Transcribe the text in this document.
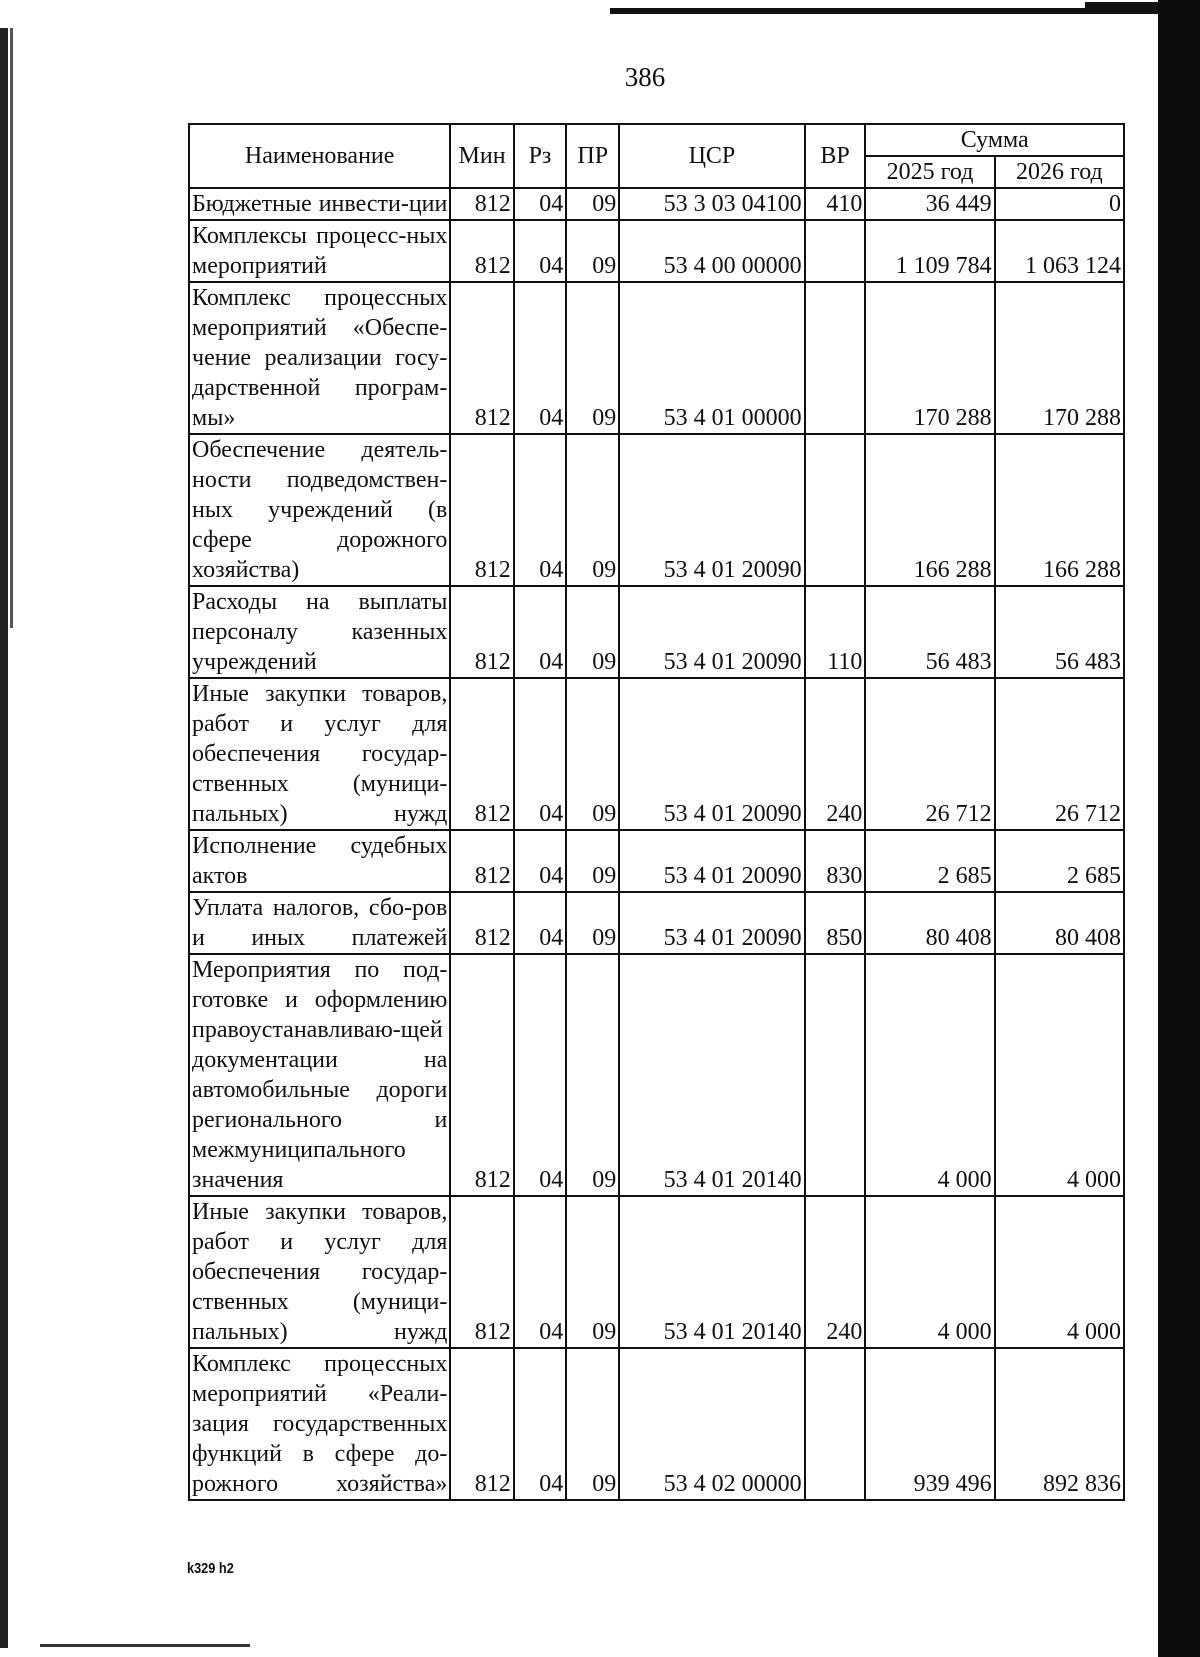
386
Наименование	Мин	Рз	ПР	ЦСР	ВР	Сумма	
						2025 год	2026 год
Бюджетные инвести-ции	812	04	09	53 3 03 04100	410	36 449	0
Комплексы процесс-ных мероприятий	812	04	09	53 4 00 00000		1 109 784	1 063 124
Комплекс процессных мероприятий «Обеспе-чение реализации госу-дарственной програм-мы»	812	04	09	53 4 01 00000		170 288	170 288
Обеспечение деятель-ности подведомствен-ных учреждений (в сфере дорожного хозяйства)	812	04	09	53 4 01 20090		166 288	166 288
Расходы на выплаты персоналу казенных учреждений	812	04	09	53 4 01 20090	110	56 483	56 483
Иные закупки товаров, работ и услуг для обеспечения государ-ственных (муници-пальных) нужд	812	04	09	53 4 01 20090	240	26 712	26 712
Исполнение судебных актов	812	04	09	53 4 01 20090	830	2 685	2 685
Уплата налогов, сбо-ров и иных платежей	812	04	09	53 4 01 20090	850	80 408	80 408
Мероприятия по под-готовке и оформлению правоустанавливаю-щей документации на автомобильные дороги регионального и межмуниципального значения	812	04	09	53 4 01 20140		4 000	4 000
Иные закупки товаров, работ и услуг для обеспечения государ-ственных (муници-пальных) нужд	812	04	09	53 4 01 20140	240	4 000	4 000
Комплекс процессных мероприятий «Реали-зация государственных функций в сфере до-рожного хозяйства»	812	04	09	53 4 02 00000		939 496	892 836
k329 h2
